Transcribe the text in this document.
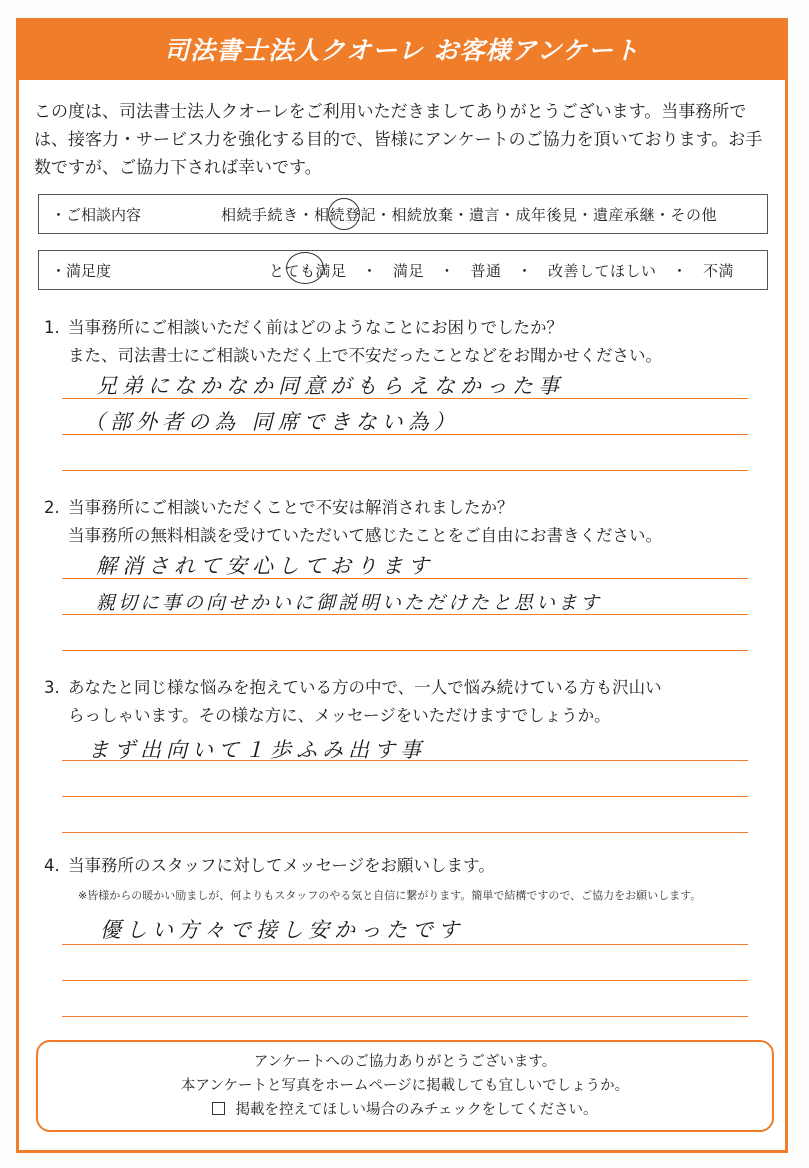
司法書士法人クオーレ お客様アンケート
この度は、司法書士法人クオーレをご利用いただきましてありがとうございます。当事務所では、接客力・サービス力を強化する目的で、皆様にアンケートのご協力を頂いております。お手数ですが、ご協力下されば幸いです。
・ご相談内容	相続手続き・相続登記・相続放棄・遺言・成年後見・遺産承継・その他
・満足度	とても満足　・　満足　・　普通　・　改善してほしい　・　不満
1. 当事務所にご相談いただく前はどのようなことにお困りでしたか？
また、司法書士にご相談いただく上で不安だったことなどをお聞かせください。
兄弟になかなか同意がもらえなかった事
（部外者の為 同席できない為）
2. 当事務所にご相談いただくことで不安は解消されましたか？
当事務所の無料相談を受けていただいて感じたことをご自由にお書きください。
解消されて安心しております
親切に事の向せかいに御説明いただけたと思います
3. あなたと同じ様な悩みを抱えている方の中で、一人で悩み続けている方も沢山い
らっしゃいます。その様な方に、メッセージをいただけますでしょうか。
まず出向いて１歩ふみ出す事
4. 当事務所のスタッフに対してメッセージをお願いします。
※皆様からの暖かい励ましが、何よりもスタッフのやる気と自信に繋がります。簡単で結構ですので、ご協力をお願いします。
優しい方々で接し安かったです
アンケートへのご協力ありがとうございます。
本アンケートと写真をホームページに掲載しても宜しいでしょうか。
掲載を控えてほしい場合のみチェックをしてください。
